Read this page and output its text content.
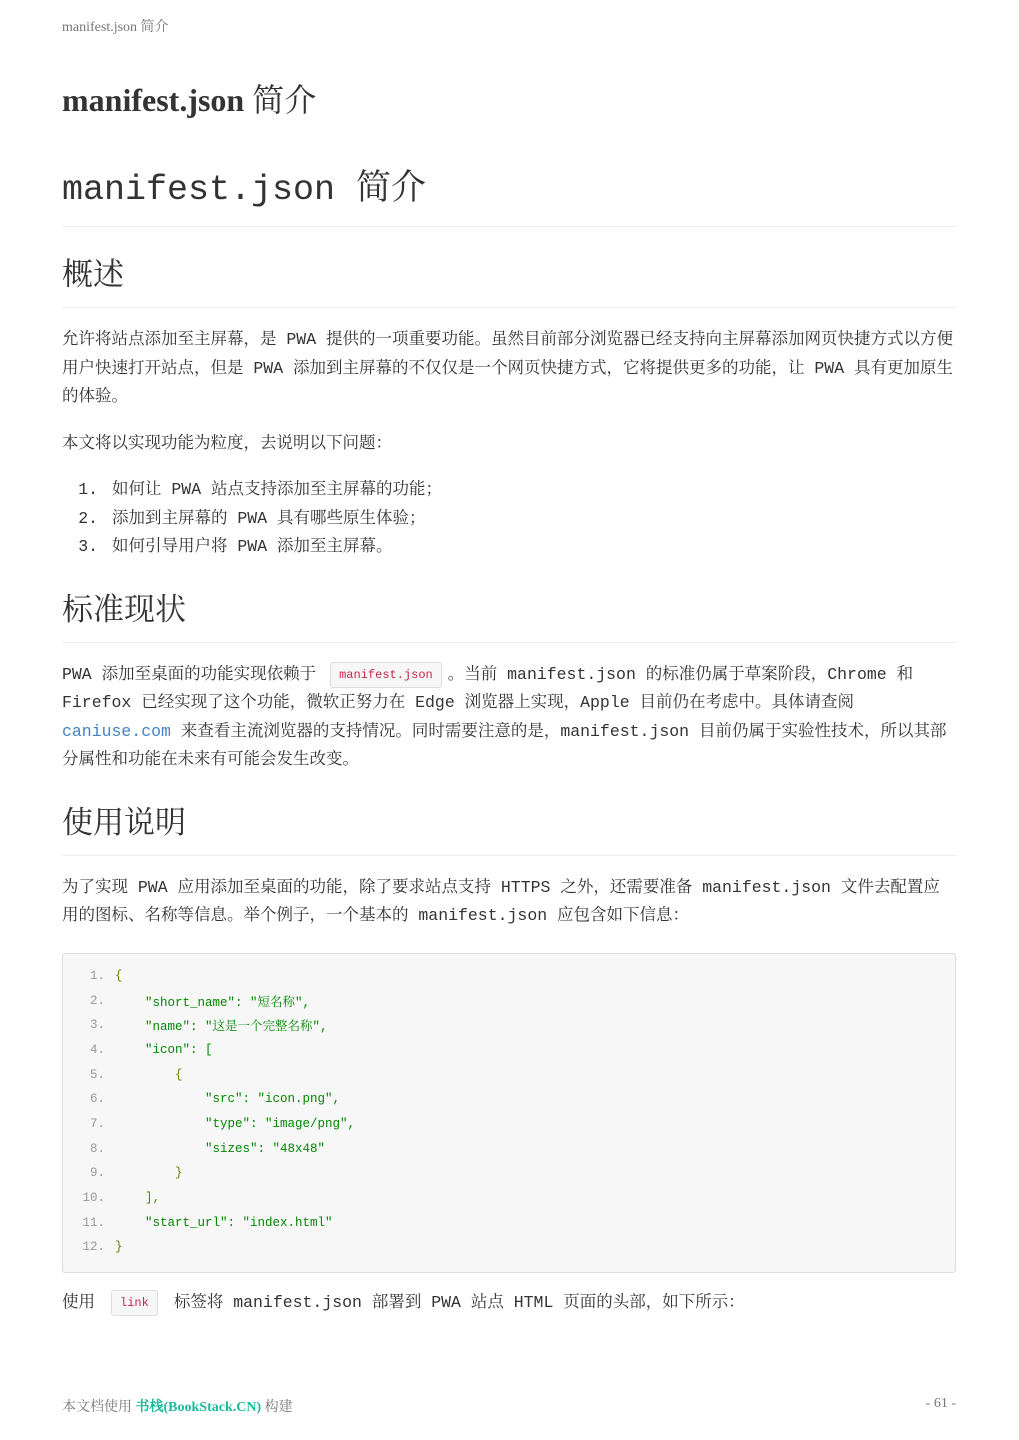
manifest.json 简介
manifest.json 简介
manifest.json 简介
概述

允许将站点添加至主屏幕，是 PWA 提供的一项重要功能。虽然目前部分浏览器已经支持向主屏幕添加网页快捷方式以方便用户快速打开站点，但是 PWA 添加到主屏幕的不仅仅是一个网页快捷方式，它将提供更多的功能，让 PWA 具有更加原生的体验。

本文将以实现功能为粒度，去说明以下问题：

1. 如何让 PWA 站点支持添加至主屏幕的功能；
2. 添加到主屏幕的 PWA 具有哪些原生体验；
3. 如何引导用户将 PWA 添加至主屏幕。
标准现状

PWA 添加至桌面的功能实现依赖于 manifest.json 。当前 manifest.json 的标准仍属于草案阶段，Chrome 和 Firefox 已经实现了这个功能，微软正努力在 Edge 浏览器上实现，Apple 目前仍在考虑中。具体请查阅 caniuse.com 来查看主流浏览器的支持情况。同时需要注意的是，manifest.json 目前仍属于实验性技术，所以其部分属性和功能在未来有可能会发生改变。

使用说明

为了实现 PWA 应用添加至桌面的功能，除了要求站点支持 HTTPS 之外，还需要准备 manifest.json 文件去配置应用的图标、名称等信息。举个例子，一个基本的 manifest.json 应包含如下信息：

1. {
2. "short_name": "短名称",
3. "name": "这是一个完整名称",
4. "icon": [
5. {
6. "src": "icon.png",
7. "type": "image/png",
8. "sizes": "48x48"
9. }
10. ],
11. "start_url": "index.html"
12. }

使用 link 标签将 manifest.json 部署到 PWA 站点 HTML 页面的头部，如下所示：

本文档使用 书栈(BookStack.CN) 构建	- 61 -
